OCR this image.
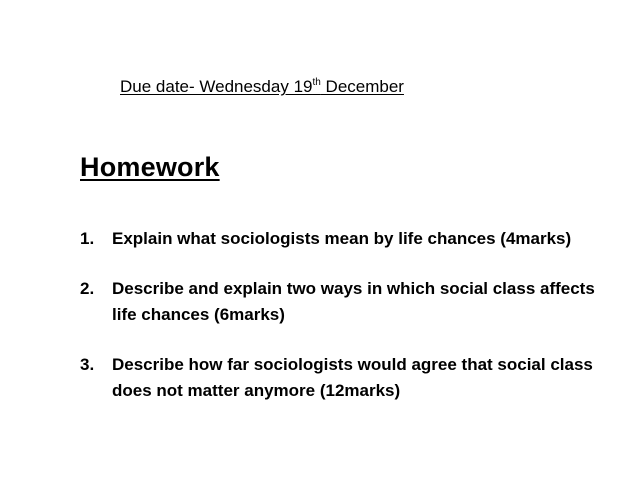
Due date- Wednesday 19th December
Homework
1.	Explain what sociologists mean by life chances (4marks)
2.	Describe and explain two ways in which social class affects life chances (6marks)
3.	Describe how far sociologists would agree that social class does not matter anymore (12marks)
